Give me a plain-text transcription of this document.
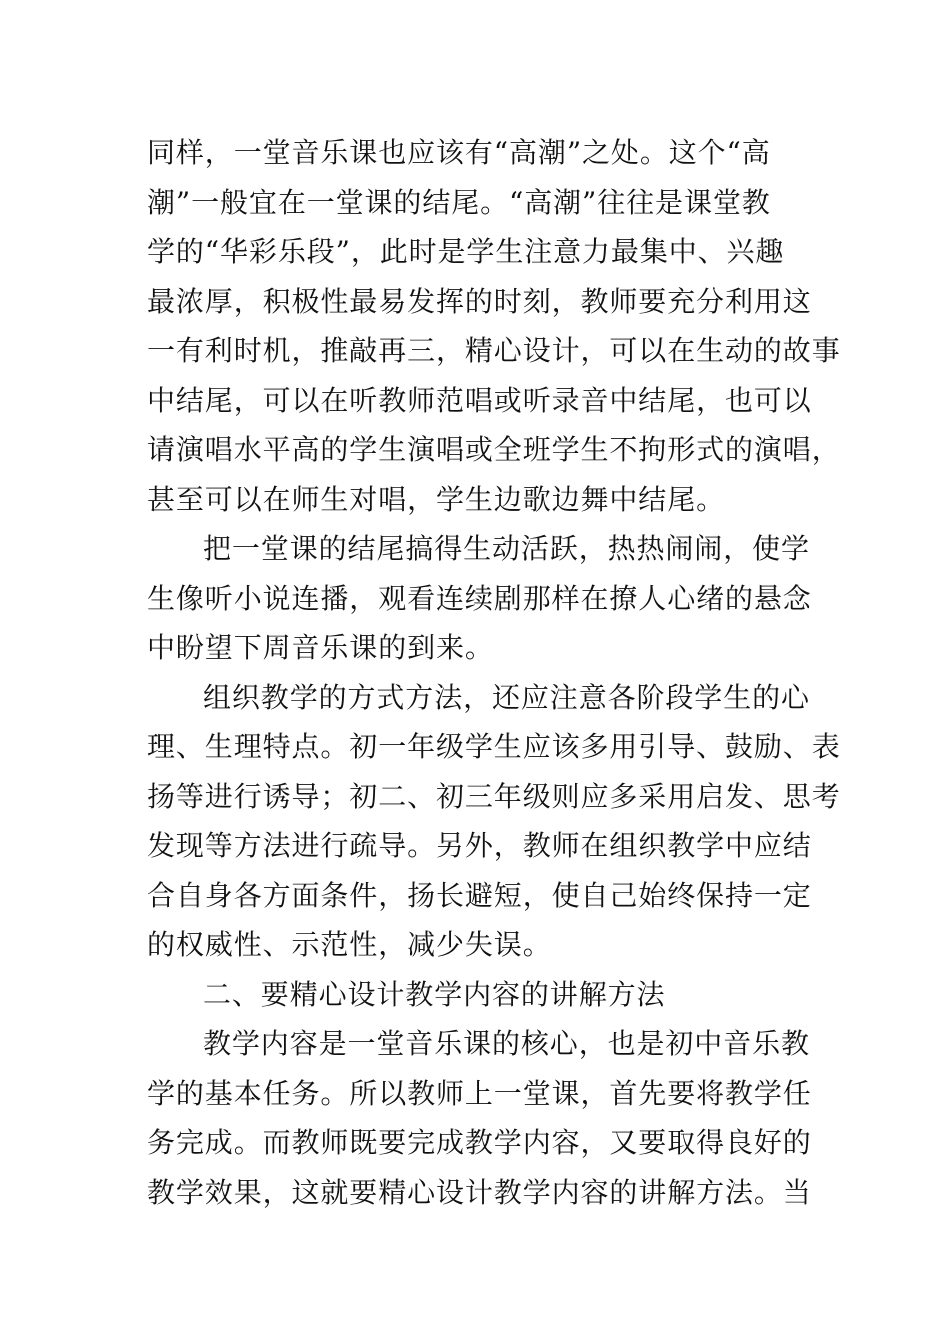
同样，一堂音乐课也应该有“高潮”之处。这个“高
潮”一般宜在一堂课的结尾。“高潮”往往是课堂教
学的“华彩乐段”，此时是学生注意力最集中、兴趣
最浓厚，积极性最易发挥的时刻，教师要充分利用这
一有利时机，推敲再三，精心设计，可以在生动的故事
中结尾，可以在听教师范唱或听录音中结尾，也可以
请演唱水平高的学生演唱或全班学生不拘形式的演唱，
甚至可以在师生对唱，学生边歌边舞中结尾。
把一堂课的结尾搞得生动活跃，热热闹闹，使学
生像听小说连播，观看连续剧那样在撩人心绪的悬念
中盼望下周音乐课的到来。
组织教学的方式方法，还应注意各阶段学生的心
理、生理特点。初一年级学生应该多用引导、鼓励、表
扬等进行诱导；初二、初三年级则应多采用启发、思考
发现等方法进行疏导。另外，教师在组织教学中应结
合自身各方面条件，扬长避短，使自己始终保持一定
的权威性、示范性，减少失误。
二、要精心设计教学内容的讲解方法
教学内容是一堂音乐课的核心，也是初中音乐教
学的基本任务。所以教师上一堂课，首先要将教学任
务完成。而教师既要完成教学内容，又要取得良好的
教学效果，这就要精心设计教学内容的讲解方法。当
